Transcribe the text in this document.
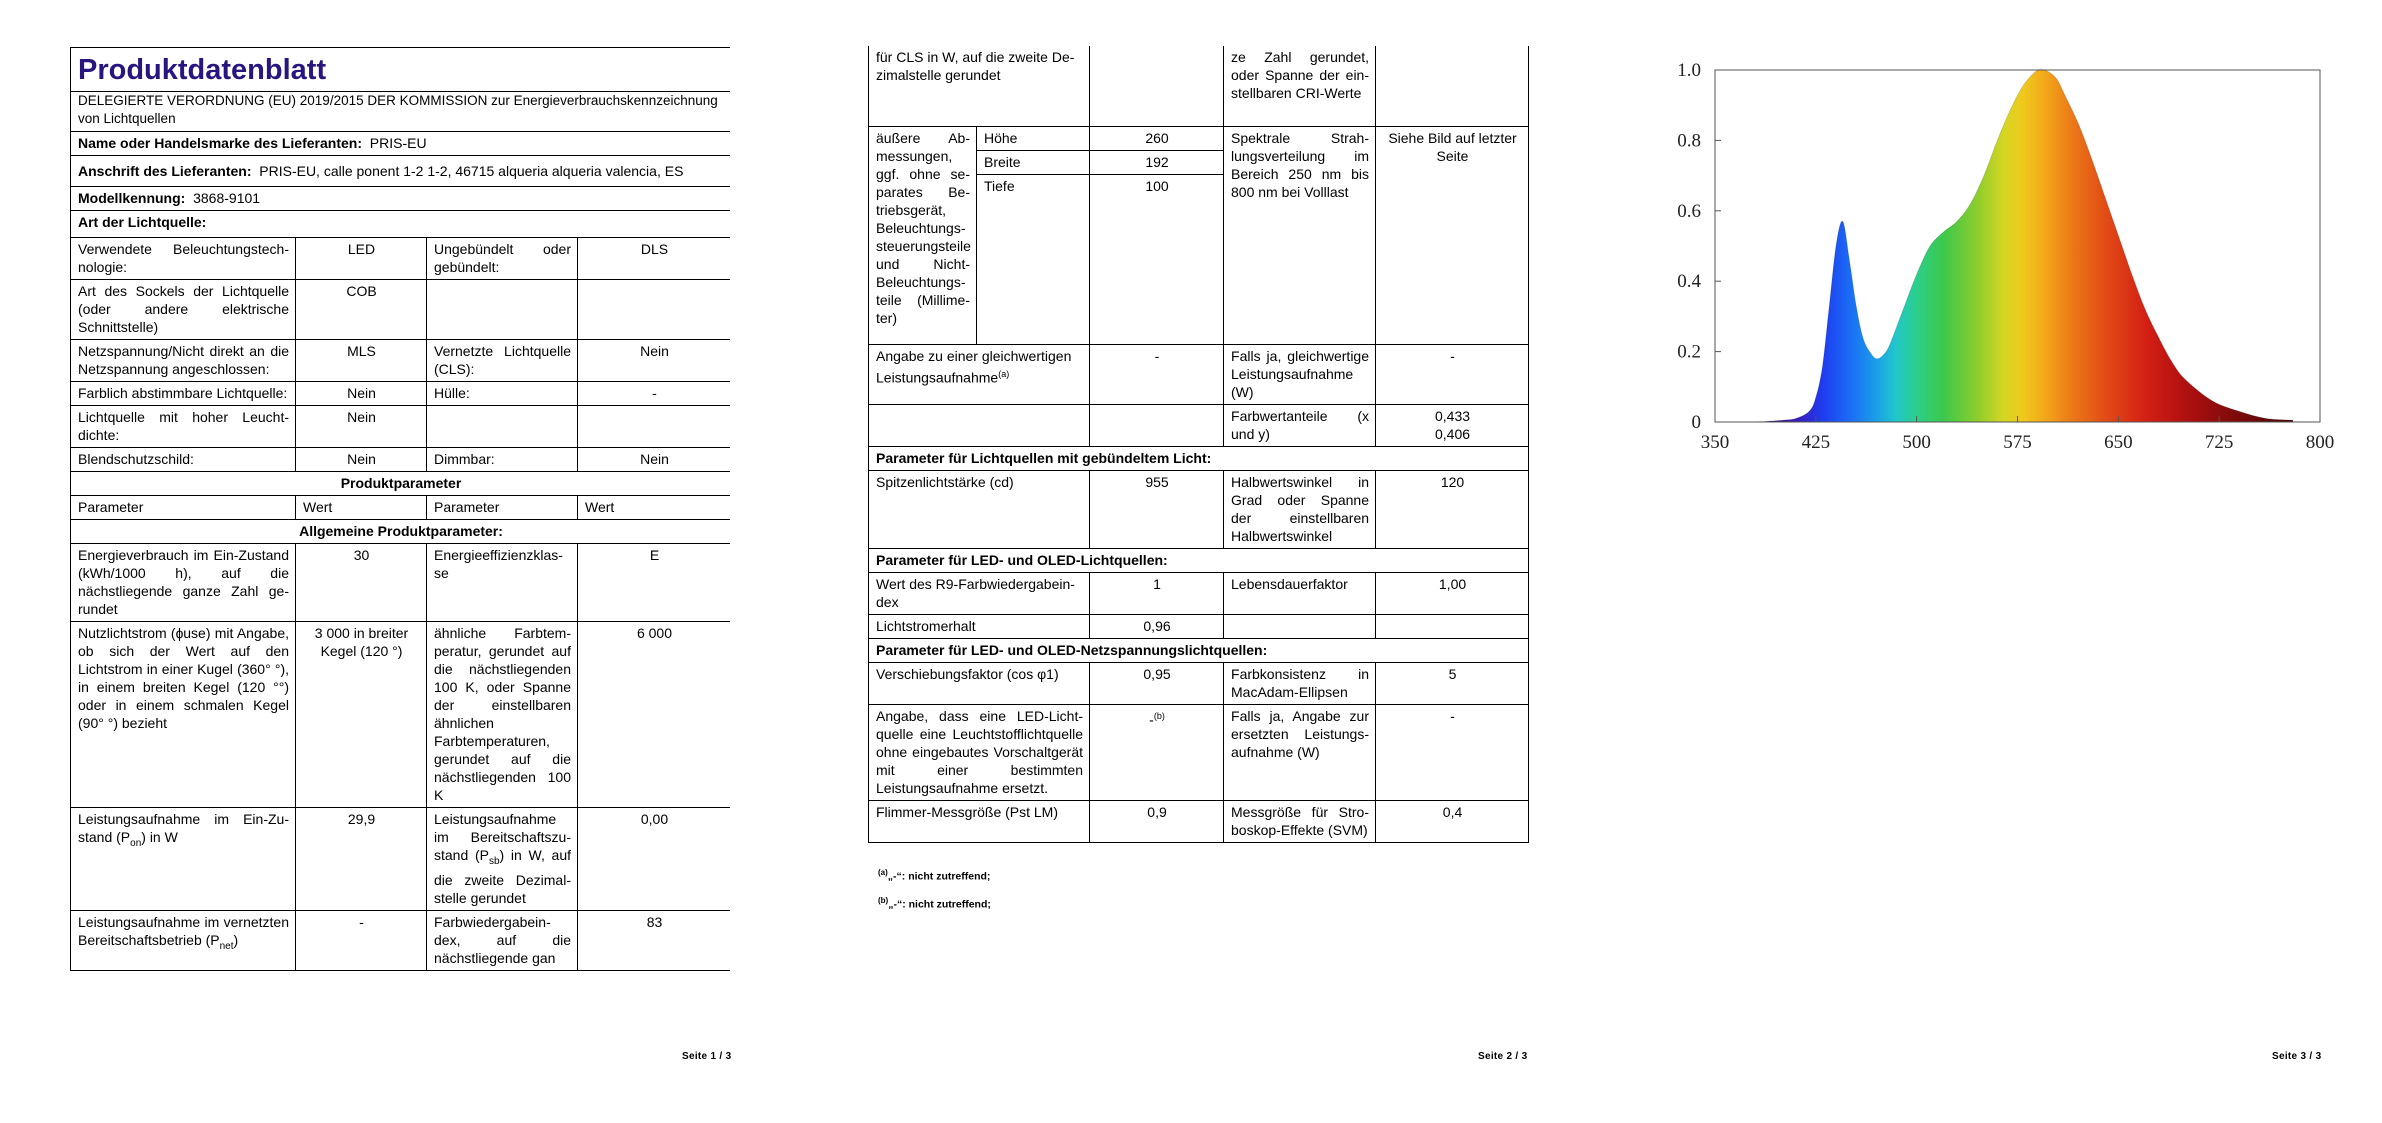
Produktdatenblatt			
DELEGIERTE VERORDNUNG (EU) 2019/2015 DER KOMMISSION zur Energieverbrauchskennzeichnung von Lichtquellen			
Name oder Handelsmarke des Lieferanten: PRIS-EU			
Anschrift des Lieferanten: PRIS-EU, calle ponent 1-2 1-2, 46715 alqueria alqueria valencia, ES			
Modellkennung: 3868-9101			
Art der Lichtquelle:			
Verwendete Beleuchtungstechnologie:	LED	Ungebündelt oder gebündelt:	DLS
Art des Sockels der Lichtquelle (oder andere elektrische Schnittstelle)	COB		
Netzspannung/Nicht direkt an die Netzspannung angeschlossen:	MLS	Vernetzte Lichtquelle (CLS):	Nein
Farblich abstimmbare Lichtquelle:	Nein	Hülle:	-
Lichtquelle mit hoher Leuchtdichte:	Nein		
Blendschutzschild:	Nein	Dimmbar:	Nein
Produktparameter			
Parameter	Wert	Parameter	Wert
Allgemeine Produktparameter:			
Energieverbrauch im Ein-Zustand (kWh/1000 h), auf die nächstliegende ganze Zahl gerundet	30	Energieeffizienzklasse	E
Nutzlichtstrom (ɸuse) mit Angabe, ob sich der Wert auf den Lichtstrom in einer Kugel (360° °), in einem breiten Kegel (120 °°) oder in einem schmalen Kegel (90° °) bezieht	3 000 in breiter Kegel (120 °)	ähnliche Farbtemperatur, gerundet auf die nächstliegenden 100 K, oder Spanne der einstellbaren ähnlichen Farbtemperaturen, gerundet auf die nächstliegenden 100 K	6 000
Leistungsaufnahme im Ein-Zustand $(P_{on})$ in W	29,9	Leistungsaufnahme im Bereitschaftszustand $(P_{sb})$ in W, auf die zweite Dezimalstelle gerundet	0,00
Leistungsaufnahme im vernetzten Bereitschaftsbetrieb $(P_{net})$	-	Farbwiedergabeindex, auf die nächstliegende gan	83
Seite 1 / 3
für CLS in W, auf die zweite Dezimalstelle gerundet			ze Zahl gerundet, oder Spanne der einstellbaren CRI-Werte	
äußere Abmessungen, ggf. ohne separates Betriebsgerät, Beleuchtungssteuerungsteile und Nicht-Beleuchtungsteile (Millimeter)	Höhe	260	Spektrale Strahlungsverteilung im Bereich 250 nm bis 800 nm bei Volllast	Siehe Bild auf letzter Seite
	Breite	192		
	Tiefe	100		
Angabe zu einer gleichwertigen Leistungsaufnahme$^{(a)}$		-	Falls ja, gleichwertige Leistungsaufnahme (W)	-
			Farbwertanteile (x und y)	0,433
0,406
Parameter für Lichtquellen mit gebündeltem Licht:				
Spitzenlichtstärke (cd)		955	Halbwertswinkel in Grad oder Spanne der einstellbaren Halbwertswinkel	120
Parameter für LED- und OLED-Lichtquellen:				
Wert des R9-Farbwiedergabeindex		1	Lebensdauerfaktor	1,00
Lichtstromerhalt		0,96		
Parameter für LED- und OLED-Netzspannungslichtquellen:				
Verschiebungsfaktor (cos φ1)		0,95	Farbkonsistenz in MacAdam-Ellipsen	5
Angabe, dass eine LED-Lichtquelle eine Leuchtstofflichtquelle ohne eingebautes Vorschaltgerät mit einer bestimmten Leistungsaufnahme ersetzt.		-$^{(b)}$	Falls ja, Angabe zur ersetzten Leistungsaufnahme (W)	-
Flimmer-Messgröße (Pst LM)		0,9	Messgröße für Stroboskop-Effekte (SVM)	0,4
$^{(a)}$„-“: nicht zutreffend;
$^{(b)}$„-“: nicht zutreffend;
Seite 2 / 3	Seite 3 / 3
350	425	500	575	650	725	800
0
0.2
0.4
0.6
0.8
1.0
